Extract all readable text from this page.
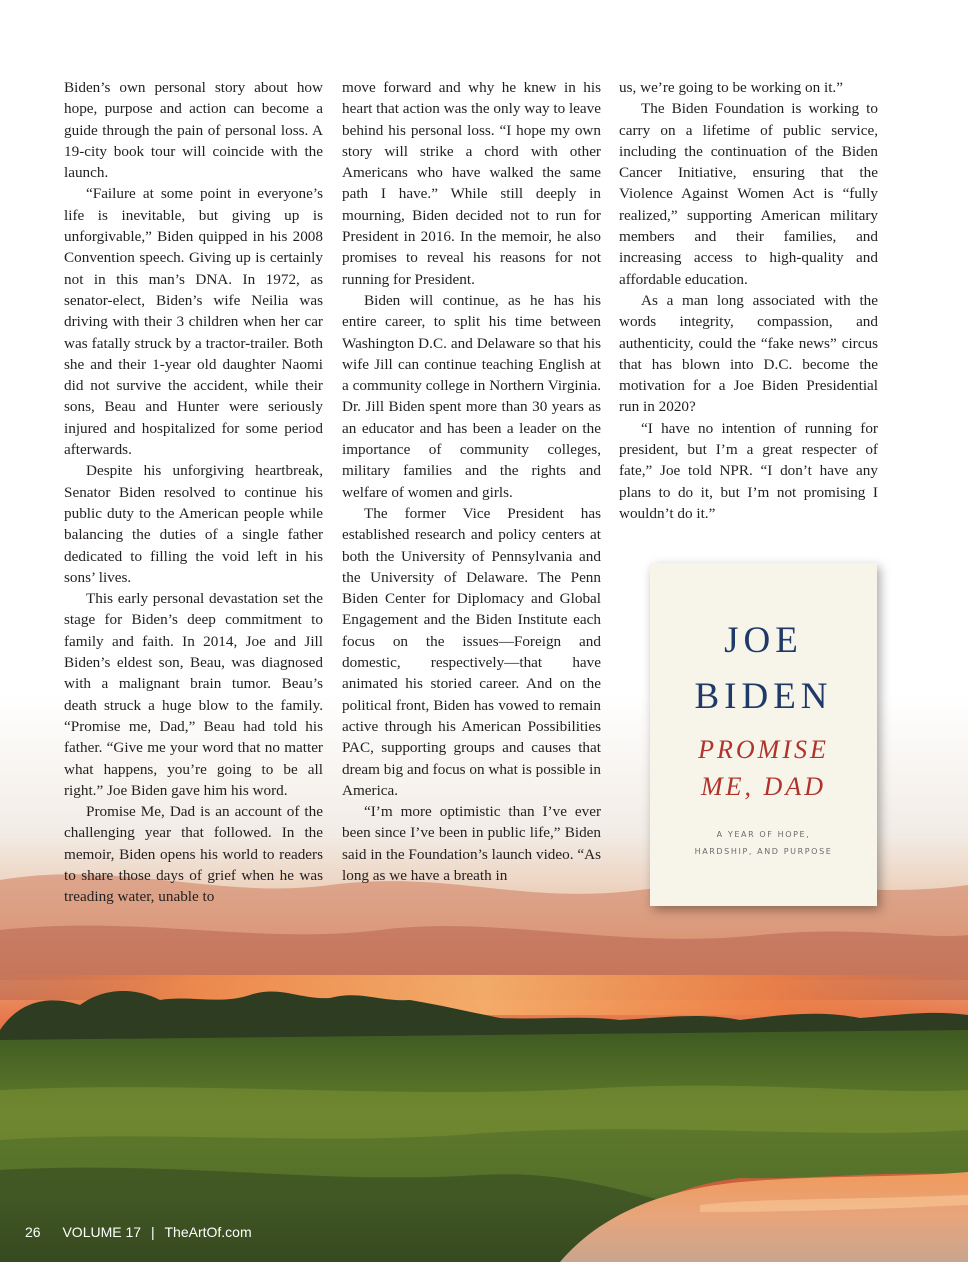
Biden’s own personal story about how hope, purpose and action can become a guide through the pain of personal loss. A 19-city book tour will coincide with the launch.

“Failure at some point in everyone’s life is inevitable, but giving up is unforgivable,” Biden quipped in his 2008 Convention speech. Giving up is certainly not in this man’s DNA. In 1972, as senator-elect, Biden’s wife Neilia was driving with their 3 children when her car was fatally struck by a tractor-trailer. Both she and their 1-year old daughter Naomi did not survive the accident, while their sons, Beau and Hunter were seriously injured and hospitalized for some period afterwards.

Despite his unforgiving heartbreak, Senator Biden resolved to continue his public duty to the American people while balancing the duties of a single father dedicated to filling the void left in his sons’ lives.

This early personal devastation set the stage for Biden’s deep commitment to family and faith. In 2014, Joe and Jill Biden’s eldest son, Beau, was diagnosed with a malignant brain tumor. Beau’s death struck a huge blow to the family. “Promise me, Dad,” Beau had told his father. “Give me your word that no matter what happens, you’re going to be all right.” Joe Biden gave him his word.

Promise Me, Dad is an account of the challenging year that followed. In the memoir, Biden opens his world to readers to share those days of grief when he was treading water, unable to

move forward and why he knew in his heart that action was the only way to leave behind his personal loss. “I hope my own story will strike a chord with other Americans who have walked the same path I have.” While still deeply in mourning, Biden decided not to run for President in 2016. In the memoir, he also promises to reveal his reasons for not running for President.

Biden will continue, as he has his entire career, to split his time between Washington D.C. and Delaware so that his wife Jill can continue teaching English at a community college in Northern Virginia. Dr. Jill Biden spent more than 30 years as an educator and has been a leader on the importance of community colleges, military families and the rights and welfare of women and girls.

The former Vice President has established research and policy centers at both the University of Pennsylvania and the University of Delaware. The Penn Biden Center for Diplomacy and Global Engagement and the Biden Institute each focus on the issues—Foreign and domestic, respectively—that have animated his storied career. And on the political front, Biden has vowed to remain active through his American Possibilities PAC, supporting groups and causes that dream big and focus on what is possible in America.

“I’m more optimistic than I’ve ever been since I’ve been in public life,” Biden said in the Foundation’s launch video. “As long as we have a breath in

us, we’re going to be working on it.”

The Biden Foundation is working to carry on a lifetime of public service, including the continuation of the Biden Cancer Initiative, ensuring that the Violence Against Women Act is “fully realized,” supporting American military members and their families, and increasing access to high-quality and affordable education.

As a man long associated with the words integrity, compassion, and authenticity, could the “fake news” circus that has blown into D.C. become the motivation for a Joe Biden Presidential run in 2020?

“I have no intention of running for president, but I’m a great respecter of fate,” Joe told NPR. “I don’t have any plans to do it, but I’m not promising I wouldn’t do it.”

JOE
BIDEN
PROMISE
ME, DAD
A YEAR OF HOPE,
HARDSHIP, AND PURPOSE
26 VOLUME 17 | TheArtOf.com
